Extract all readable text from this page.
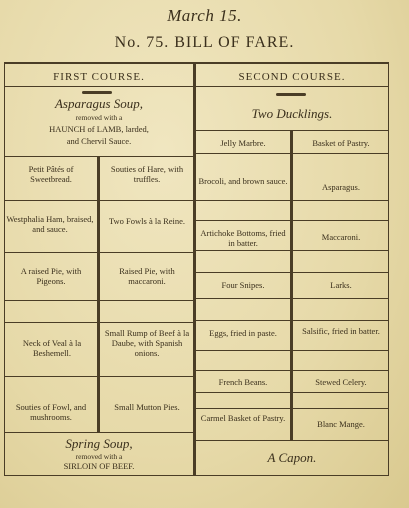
March 15.
No. 75. BILL OF FARE.
FIRST COURSE.
Asparagus Soup,
removed with a
HAUNCH of LAMB, larded,
and Chervil Sauce.
Petit Pâtés of Sweetbread.
Westphalia Ham, braised, and sauce.
A raised Pie, with Pigeons.
Neck of Veal à la Beshemell.
Souties of Fowl, and mushrooms.
Souties of Hare, with truffles.
Two Fowls à la Reine.
Raised Pie, with maccaroni.
Small Rump of Beef à la Daube, with Spanish onions.
Small Mutton Pies.
Spring Soup,
removed with a
SIRLOIN OF BEEF.
SECOND COURSE.
Two Ducklings.
Jelly Marbre.
Brocoli, and brown sauce.
Artichoke Bottoms, fried in batter.
Four Snipes.
Eggs, fried in paste.
French Beans.
Carmel Basket of Pastry.
Basket of Pastry.
Asparagus.
Maccaroni.
Larks.
Salsific, fried in batter.
Stewed Celery.
Blanc Mange.
A Capon.
